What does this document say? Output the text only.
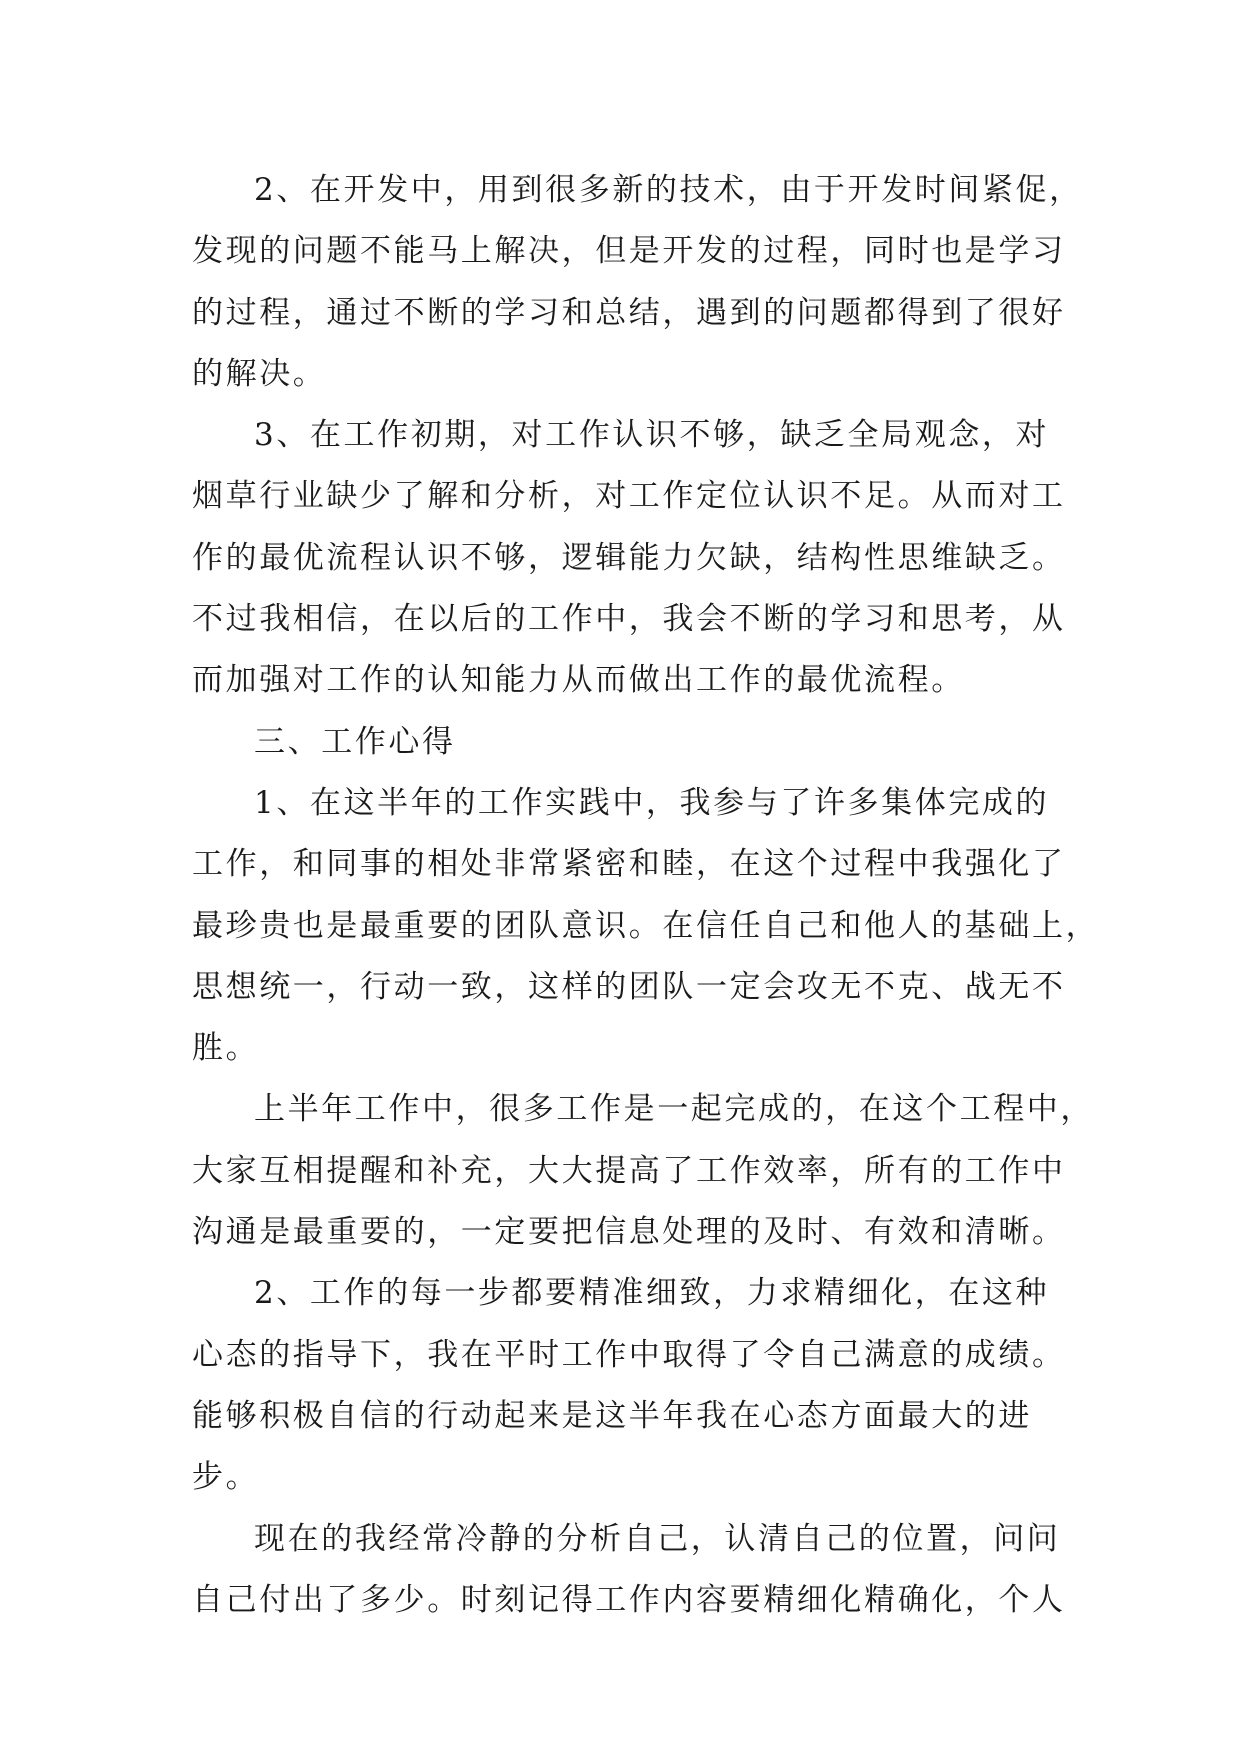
2、在开发中，用到很多新的技术，由于开发时间紧促，
发现的问题不能马上解决，但是开发的过程，同时也是学习
的过程，通过不断的学习和总结，遇到的问题都得到了很好
的解决。
3、在工作初期，对工作认识不够，缺乏全局观念，对
烟草行业缺少了解和分析，对工作定位认识不足。从而对工
作的最优流程认识不够，逻辑能力欠缺，结构性思维缺乏。
不过我相信，在以后的工作中，我会不断的学习和思考，从
而加强对工作的认知能力从而做出工作的最优流程。
三、工作心得
1、在这半年的工作实践中，我参与了许多集体完成的
工作，和同事的相处非常紧密和睦，在这个过程中我强化了
最珍贵也是最重要的团队意识。在信任自己和他人的基础上，
思想统一，行动一致，这样的团队一定会攻无不克、战无不
胜。
上半年工作中，很多工作是一起完成的，在这个工程中，
大家互相提醒和补充，大大提高了工作效率，所有的工作中
沟通是最重要的，一定要把信息处理的及时、有效和清晰。
2、工作的每一步都要精准细致，力求精细化，在这种
心态的指导下，我在平时工作中取得了令自己满意的成绩。
能够积极自信的行动起来是这半年我在心态方面最大的进
步。
现在的我经常冷静的分析自己，认清自己的位置，问问
自己付出了多少。时刻记得工作内容要精细化精确化，个人
